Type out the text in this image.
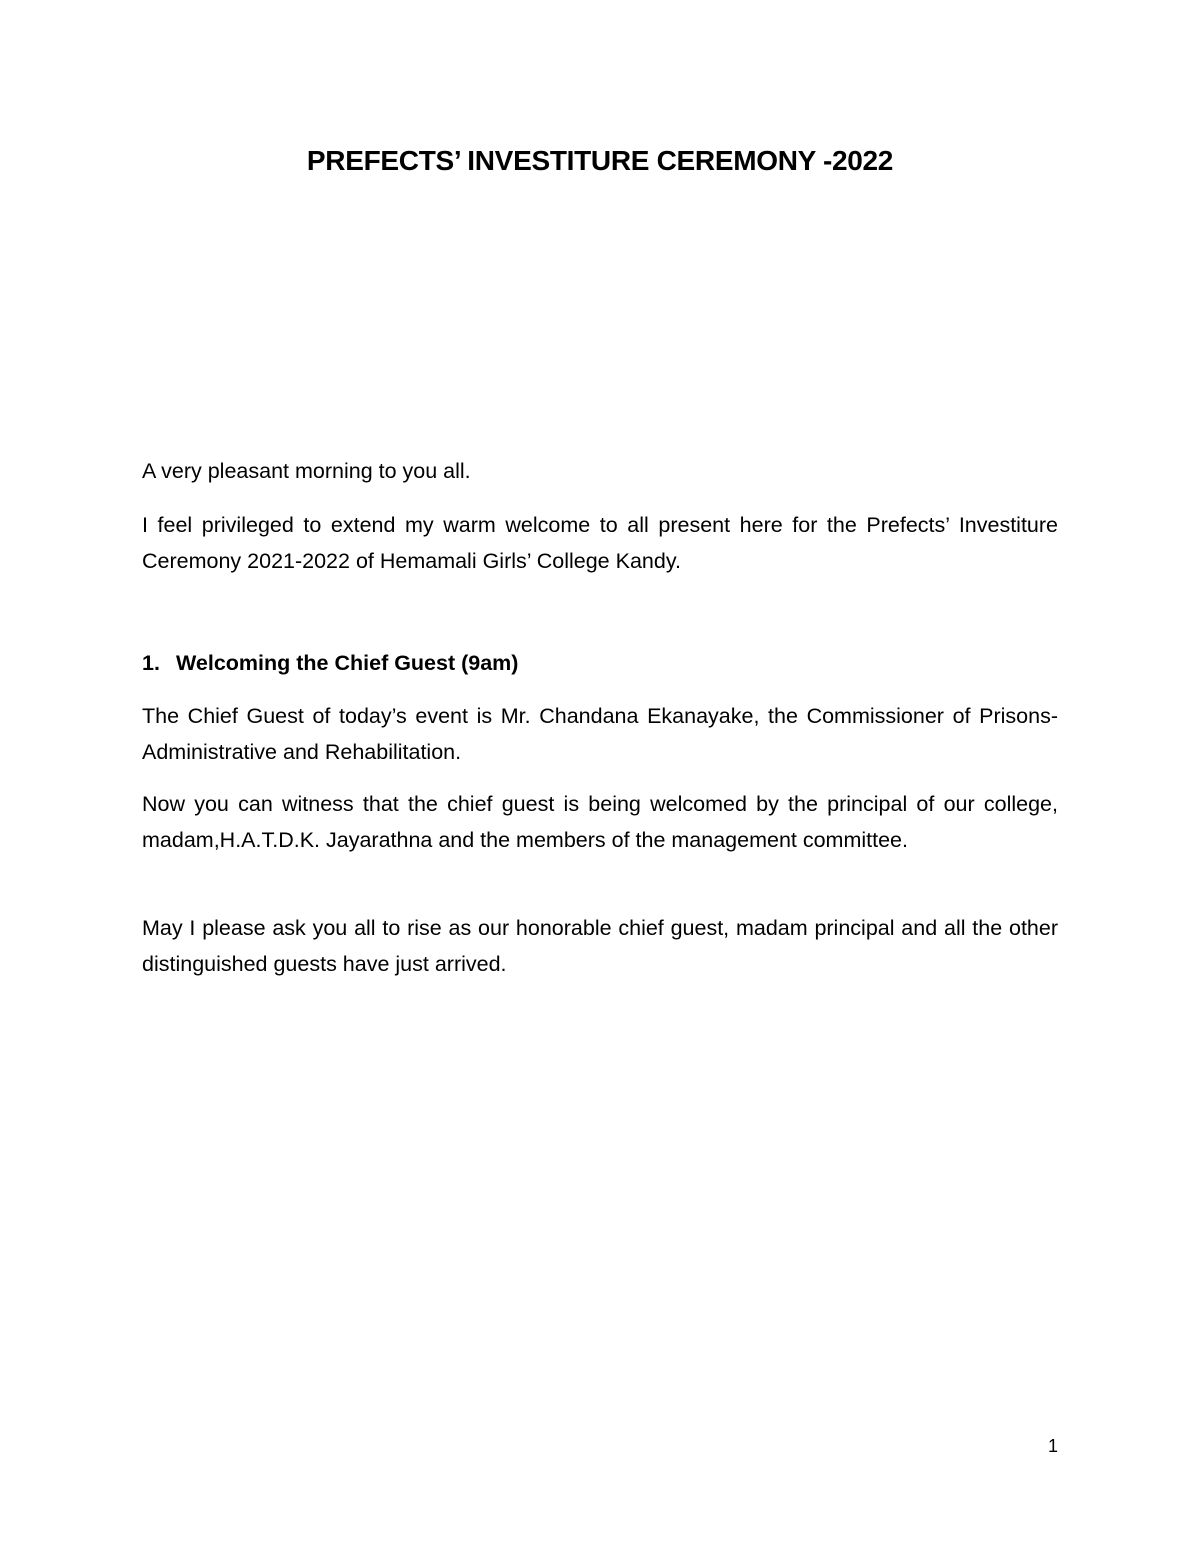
PREFECTS’ INVESTITURE CEREMONY -2022

A very pleasant morning to you all.

I feel privileged to extend my warm welcome to all present here for the Prefects’ Investiture Ceremony 2021-2022 of Hemamali Girls’ College Kandy.

1. Welcoming the Chief Guest (9am)

The Chief Guest of today’s event is Mr. Chandana Ekanayake, the Commissioner of Prisons- Administrative and Rehabilitation.

Now you can witness that the chief guest is being welcomed by the principal of our college, madam,H.A.T.D.K. Jayarathna and the members of the management committee.

May I please ask you all to rise as our honorable chief guest, madam principal and all the other distinguished guests have just arrived.

1
